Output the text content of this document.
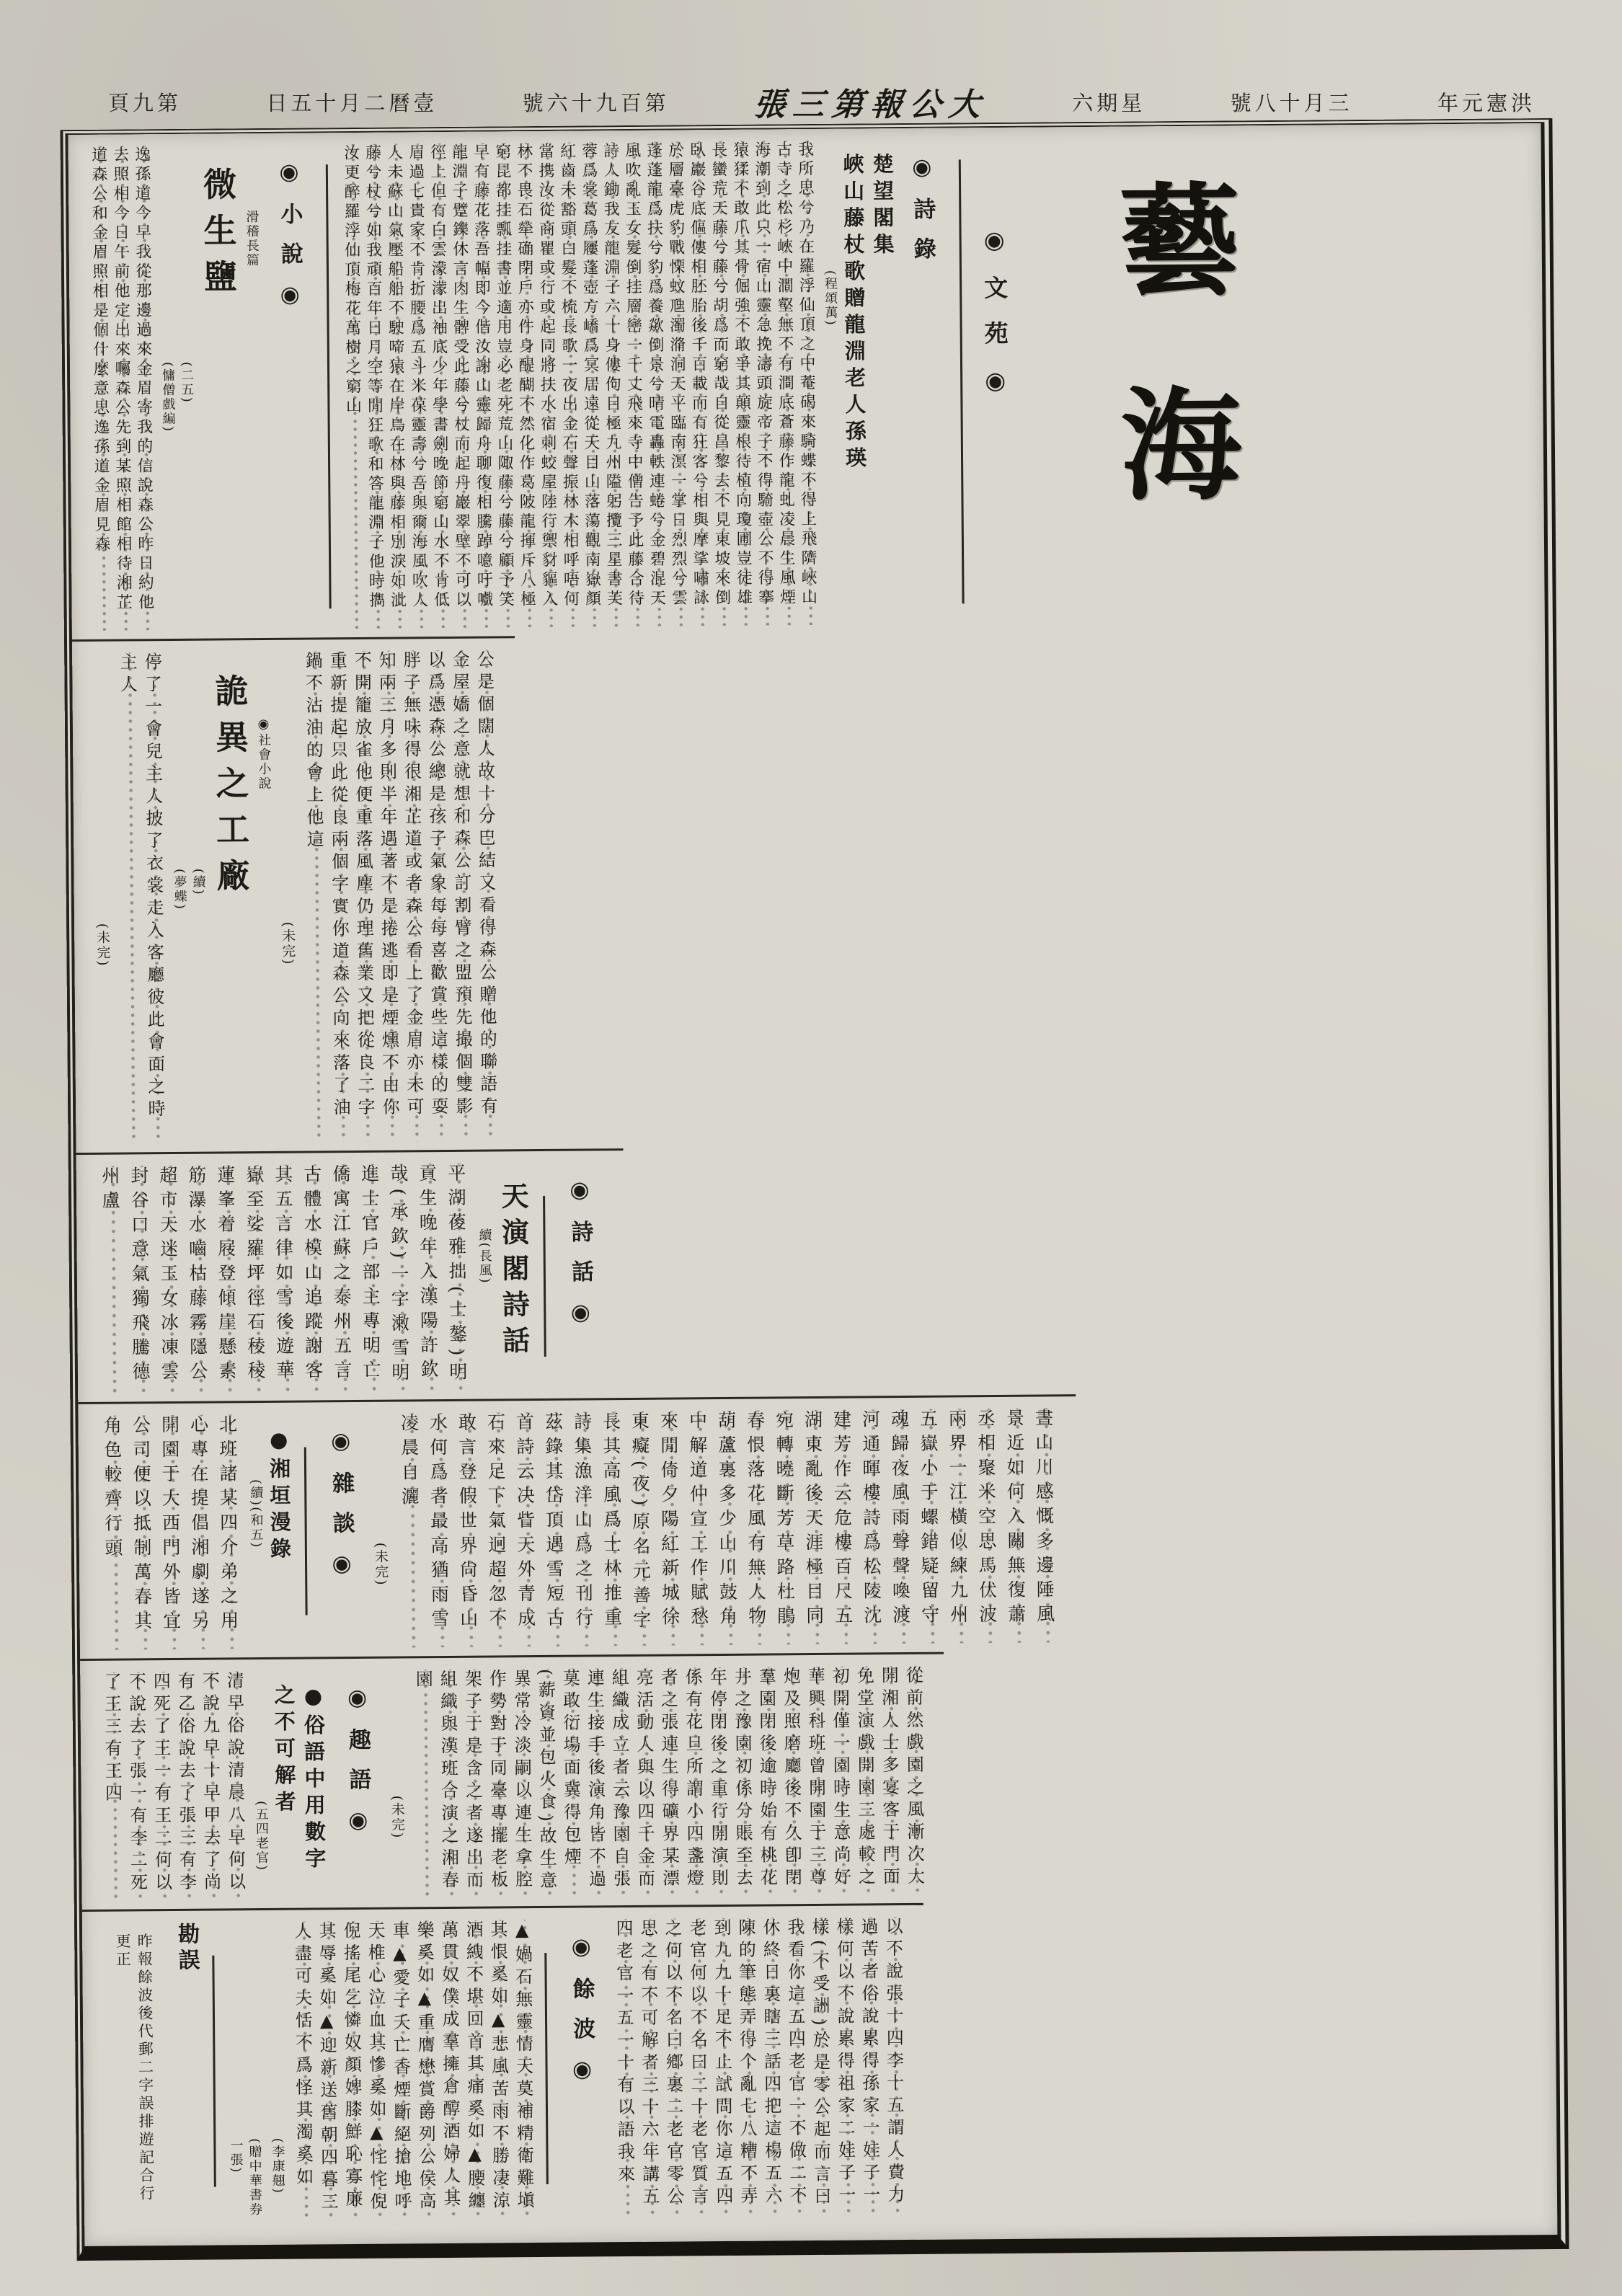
頁九第	日五十月二曆壹	號六十九百第	張三第報公大	六期星	號八十月三	年元憲洪
藝海
◉文苑◉
◉詩錄
楚望閣集
峽山藤杖歌贈龍淵老人孫瑛
(程頌萬)

我所思兮乃在羅浮仙頂之中菴碣來騎蝶不得上飛隮峽山古寺之松杉峽中澗壑無不有澗底蒼藤作龍虬凌晨生風煙海潮到此只一宿山靈急挽濤頭旋帝子不得騎壺公不得搴猿猱不敢爪其骨倔強不敢爭其顛靈根待植向瓊圃豈徒雄長蠻荒天藤兮藤兮胡爲而窮哉自從昌黎去不見東坡來倒臥巖谷底傴僂相胚胎後千百載而有狂客兮相與摩挲嘯詠於層臺虎豹戰慄蚊虺濁潃洞天平臨南溟一掌日烈烈兮雲蓬蓬龍爲扶兮豹爲養歘倒景兮晴電轟軼連蜷兮金碧混天風吹亂玉女髮倒挂層巒一千丈飛來寺中僧告予此藤合待詩人鋤我友龍淵子六十身僂佝目極九州隘躬攬三星書芙蓉爲裳葛爲屨蓬壺方嶠爲冥居遠從天目山落蕩觀南嶽顏紅齒未豁頭白髮不梳長歌一夜出金石聲振林木相呼唔何當携汝從商瞿或行或起同將扶水宿刺蛟屋陸行禦豺貙入林不畏石犖确閉戶亦件身醍醐不然化作葛陂龍揮斥八極窮昆都挂瓢挂書並適用豈必老死荒山陬藤兮藤兮顧予笑早有藤花落吾幅即今偕汝謝山靈歸舟聊復相騰踔噫吁嚱龍淵子躄鑠休言肉生髀受此藤兮杖而起丹巖翠壁不可以徑上但有白雲濛濛出袖底少年學書劍晚節窮山水不肯低眉過七貴家不肯折腰爲五斗米葆靈壽兮吾與爾海風吹人人未蘇山氣壓船船不駛啼猿在岸鳥在林與藤相別淚如泚藤兮杖兮如我頑百年日月空等閒狂歌和答龍淵子他時擕汝更醉羅浮仙頂梅花萬樹之窮山

◉小說◉
滑稽長篇
微生鹽
(二五)
(慵僧戲編)

逸孫道今早我從那邊過來金眉寄我的信說森公昨日約他去照相今日午前他定出來囑森公先到某照相館相待湘芷道森公和金眉照相是個什麼意思逸孫道金眉見森

公是個闊人故十分巴結又看得森公贈他的聯語有金屋嬌之意就想和森公訂割臂之盟預先撮個雙影以爲憑森公總是孩子氣象每每喜歡賞些這樣的耍胖子無味得很湘芷道或者森公看上了金眉亦未可知兩三月多則半年遇著不是捲逃即是煙燻不由你不開籠放雀他便重落風塵仍理舊業又把從良二字重新提起只此從良兩個字實你道森公向來落了油鍋不沾油的會上他這

(未完)
◉社會小說
詭異之工廠
(續)
(夢蝶)

停了一會兒主人披了衣裳走入客廳彼此會面之時主人

(未完)
◉詩話◉
天演閣詩話
續(長風)

平湖葰雅拙(士鏊)明貢生晚年入漢陽許欽哉(承欽)一字潄雪明進士官戶部主專明亡僑寓江蘇之泰州五言古體水模山追蹤謝客其五言律如雪後遊華嶽至娑羅坪徑石稜稜蓮峯着屐登傾崖懸素筋瀑水嚙枯藤霧隱公超市天迷玉女冰凍雲封谷口意氣獨飛騰德州盧

晝山川感慨多邊陲風景近如何入關無復蕭丞相聚米空思馬伏波兩界一江橫似練九州五嶽小于螺錯疑留守魂歸夜風雨聲聲喚渡河通暉樓詩爲松陵沈建芳作云危樓百尺五湖東亂後天涯極目同宛轉曉斷芳草路杜鵑春恨落花風有無人物葫蘆裏多少山川鼓角中解道仲宣工作賦愁來閒倚夕陽紅新城徐東癡(夜)原名元善字長其高風爲士林推重詩集漁洋山爲之刊行茲錄其岱頂遇雪短古首詩云决眥天外青成石來足下氣迥超忽不敢言登假世界尙昏山水何爲者最高猶雨雪凌晨自灑

(未完)
◉雜談◉
●湘垣漫錄
(續)(和五)

北班諸某四介弟之用心專在提倡湘劇遂另開園于大西門外皆宜公司便以抵制萬春其角色較齊行頭

從前然戲園之風漸次大開湘人士多宴客于門面免堂演戲開園三處較之初開僅一園時生意尚好華興科班曾開園于三尊炮及照磨廳後不久卽閉羣園閉後逾時始有桃花井之豫園初係分賬至去年停閉後之重行開演則係有花旦所謂小四盞燈者之張連生得礦界某漂亮活動人與以四千金而組織成立者云豫園自張連生接手後演角皆不過莫敢衍場面冀得包煙(薪資並包火食)故生意異常冷淡嗣以連生拿腔作勢對于同臺專擺老板架子于是含之者遂出而組織與漢班合演之湘春園

(未完)
◉趣語◉
●俗語中用數字之不可解者
(五四老官)

清早俗說清晨八早何以不說九早十早甲去了尚有乙俗說去了張三有李四死了王一有王二何以不說去了張一有李二死了王三有王四

以不說張十四李十五謂人費力過苦者俗說累得孫家一娃子一樣何以不說累得祖家二娃子一樣(不受詶)於是零公起而言曰我看你這五四老官一不做二不休終日裏瞎三話四把這楊五六陳的筆態弄得个亂七八糟不弄到九九十足不止試問你這五四老官何以不名曰二十老官質言之何以不名曰鄕裏二老官零公思之有不可解者三十六年講五四老官一五一十有以語我來

◉餘波◉

▲媧石無靈情天莫補精衛難塡其恨奚如▲悲風苦雨不勝凄涼酒絏不堪回首其痛奚如▲腰纏萬貫奴僕成羣擁倉醇酒婦人其樂奚如▲重膺懋賞爵列公侯高車▲愛子夭亡香煙斷絕搶地呼天椎心泣血其慘奚如▲㤞㤞倪倪搖尾乞憐奴顏婢膝鮮恥寡廉其辱奚如▲迎新送舊朝四暮三人盡可夫恬不爲怪其濁奚如

(李康翹)
(贈中華書券一張)
勘誤

昨報餘波後代郵二字誤排遊記合行更正
